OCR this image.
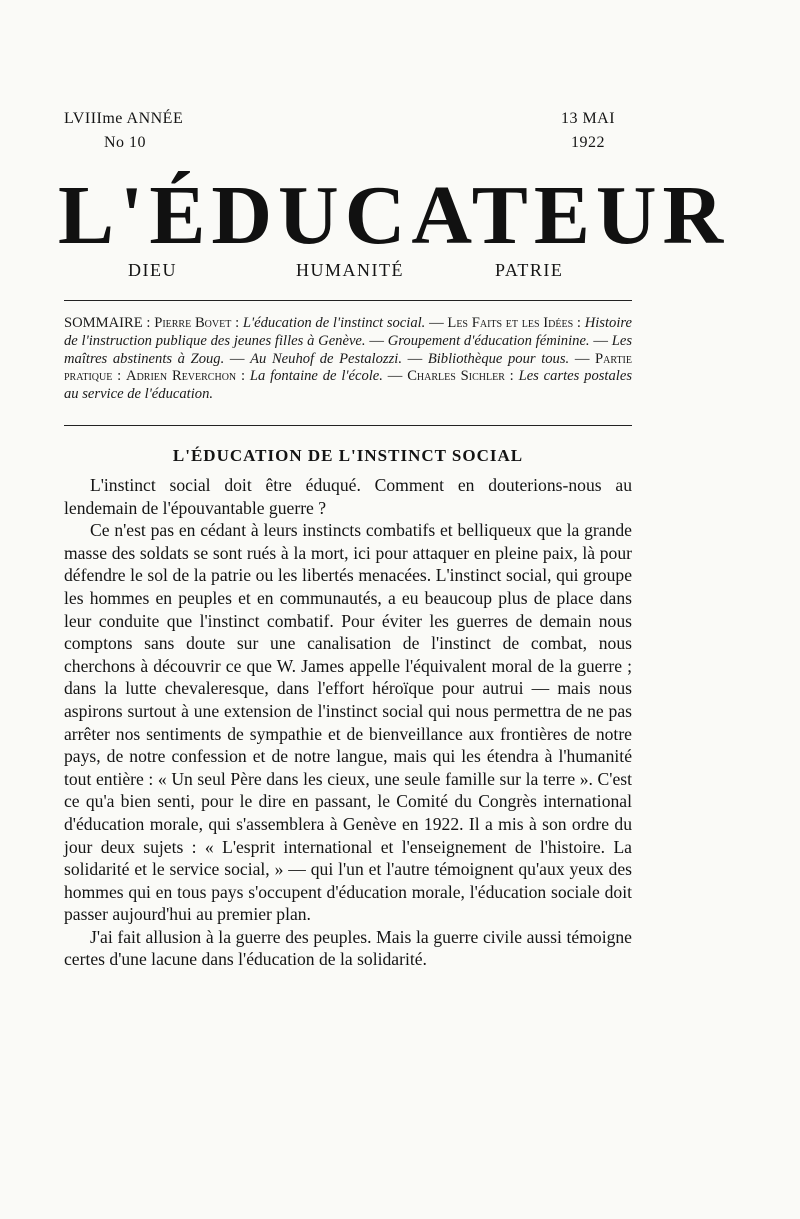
LVIIIme ANNÉE
No 10
13 MAI
1922
L'ÉDUCATEUR
DIEU	HUMANITÉ	PATRIE
SOMMAIRE : Pierre Bovet : L'éducation de l'instinct social. — Les Faits et les Idées : Histoire de l'instruction publique des jeunes filles à Genève. — Groupement d'éducation féminine. — Les maîtres abstinents à Zoug. — Au Neuhof de Pestalozzi. — Bibliothèque pour tous. — Partie pratique : Adrien Reverchon : La fontaine de l'école. — Charles Sichler : Les cartes postales au service de l'éducation.
L'ÉDUCATION DE L'INSTINCT SOCIAL

L'instinct social doit être éduqué. Comment en douterions-nous au lendemain de l'épouvantable guerre ?

Ce n'est pas en cédant à leurs instincts combatifs et belliqueux que la grande masse des soldats se sont rués à la mort, ici pour attaquer en pleine paix, là pour défendre le sol de la patrie ou les libertés menacées. L'instinct social, qui groupe les hommes en peuples et en communautés, a eu beaucoup plus de place dans leur conduite que l'instinct combatif. Pour éviter les guerres de demain nous comptons sans doute sur une canalisation de l'instinct de combat, nous cherchons à découvrir ce que W. James appelle l'équivalent moral de la guerre ; dans la lutte chevaleresque, dans l'effort héroïque pour autrui — mais nous aspirons surtout à une extension de l'instinct social qui nous permettra de ne pas arrêter nos sentiments de sympathie et de bienveillance aux frontières de notre pays, de notre confession et de notre langue, mais qui les étendra à l'humanité tout entière : « Un seul Père dans les cieux, une seule famille sur la terre ». C'est ce qu'a bien senti, pour le dire en passant, le Comité du Congrès international d'éducation morale, qui s'assemblera à Genève en 1922. Il a mis à son ordre du jour deux sujets : « L'esprit international et l'enseignement de l'histoire. La solidarité et le service social, » — qui l'un et l'autre témoignent qu'aux yeux des hommes qui en tous pays s'occupent d'éducation morale, l'éducation sociale doit passer aujourd'hui au premier plan.

J'ai fait allusion à la guerre des peuples. Mais la guerre civile aussi témoigne certes d'une lacune dans l'éducation de la solidarité.
